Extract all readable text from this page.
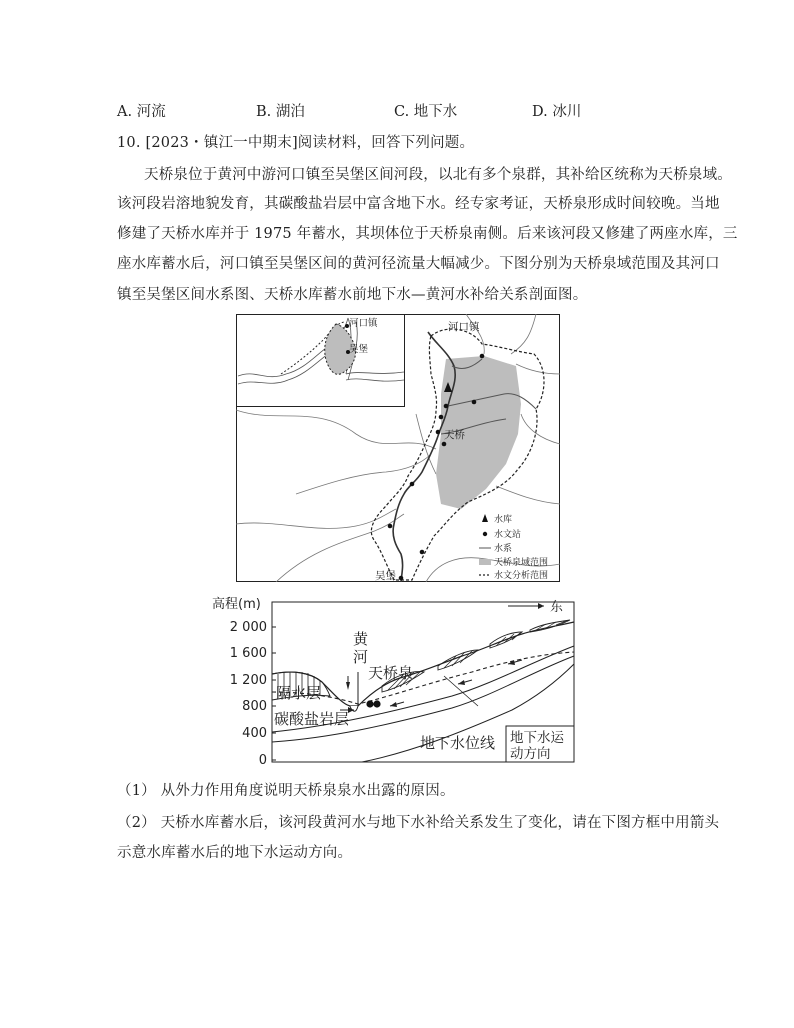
A. 河流	B. 湖泊	C. 地下水	D. 冰川
10. [2023・镇江一中期末]阅读材料，回答下列问题。
天桥泉位于黄河中游河口镇至吴堡区间河段，以北有多个泉群，其补给区统称为天桥泉域。
该河段岩溶地貌发育，其碳酸盐岩层中富含地下水。经专家考证，天桥泉形成时间较晚。当地
修建了天桥水库并于 1975 年蓄水，其坝体位于天桥泉南侧。后来该河段又修建了两座水库，三
座水库蓄水后，河口镇至吴堡区间的黄河径流量大幅减少。下图分别为天桥泉域范围及其河口
镇至吴堡区间水系图、天桥水库蓄水前地下水—黄河水补给关系剖面图。
河口镇
天桥
吴堡
河口镇
吴堡
水库
水文站
水系
天桥泉域范围
水文分析范围
高程(m)
2 000
1 600
1 200
800
400
0
东
黄
河
天桥泉
隔水层
碳酸盐岩层
地下水位线 地下水运
动方向
（1） 从外力作用角度说明天桥泉泉水出露的原因。
（2） 天桥水库蓄水后，该河段黄河水与地下水补给关系发生了变化，请在下图方框中用箭头
示意水库蓄水后的地下水运动方向。
